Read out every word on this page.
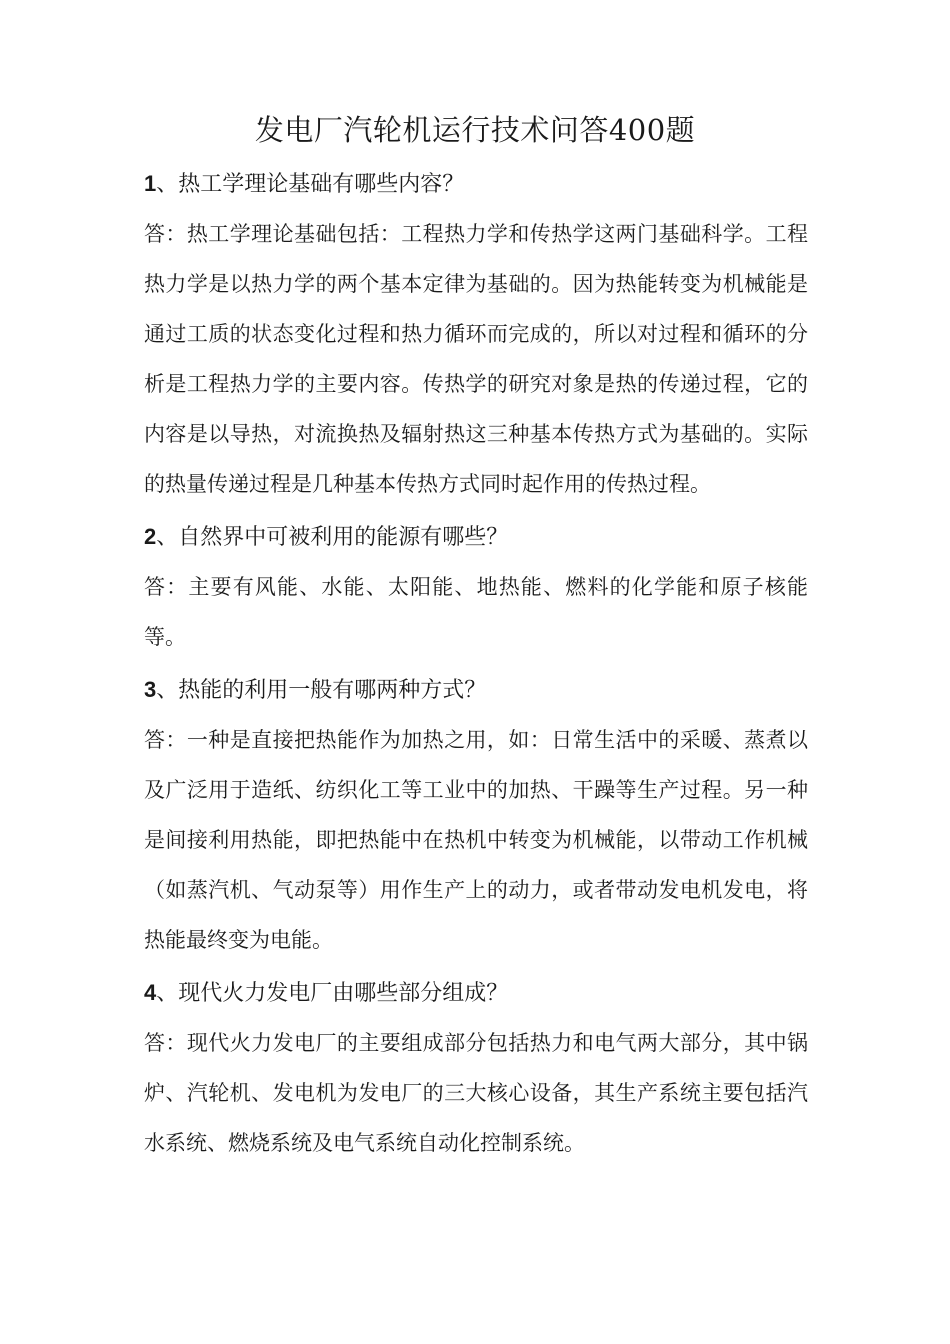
发电厂汽轮机运行技术问答400题

1、热工学理论基础有哪些内容？

答：热工学理论基础包括：工程热力学和传热学这两门基础科学。工程热力学是以热力学的两个基本定律为基础的。因为热能转变为机械能是通过工质的状态变化过程和热力循环而完成的，所以对过程和循环的分析是工程热力学的主要内容。传热学的研究对象是热的传递过程，它的内容是以导热，对流换热及辐射热这三种基本传热方式为基础的。实际的热量传递过程是几种基本传热方式同时起作用的传热过程。

2、自然界中可被利用的能源有哪些？

答：主要有风能、水能、太阳能、地热能、燃料的化学能和原子核能等。

3、热能的利用一般有哪两种方式？

答：一种是直接把热能作为加热之用，如：日常生活中的采暖、蒸煮以及广泛用于造纸、纺织化工等工业中的加热、干躁等生产过程。另一种是间接利用热能，即把热能中在热机中转变为机械能，以带动工作机械（如蒸汽机、气动泵等）用作生产上的动力，或者带动发电机发电，将热能最终变为电能。

4、现代火力发电厂由哪些部分组成？

答：现代火力发电厂的主要组成部分包括热力和电气两大部分，其中锅炉、汽轮机、发电机为发电厂的三大核心设备，其生产系统主要包括汽水系统、燃烧系统及电气系统自动化控制系统。
